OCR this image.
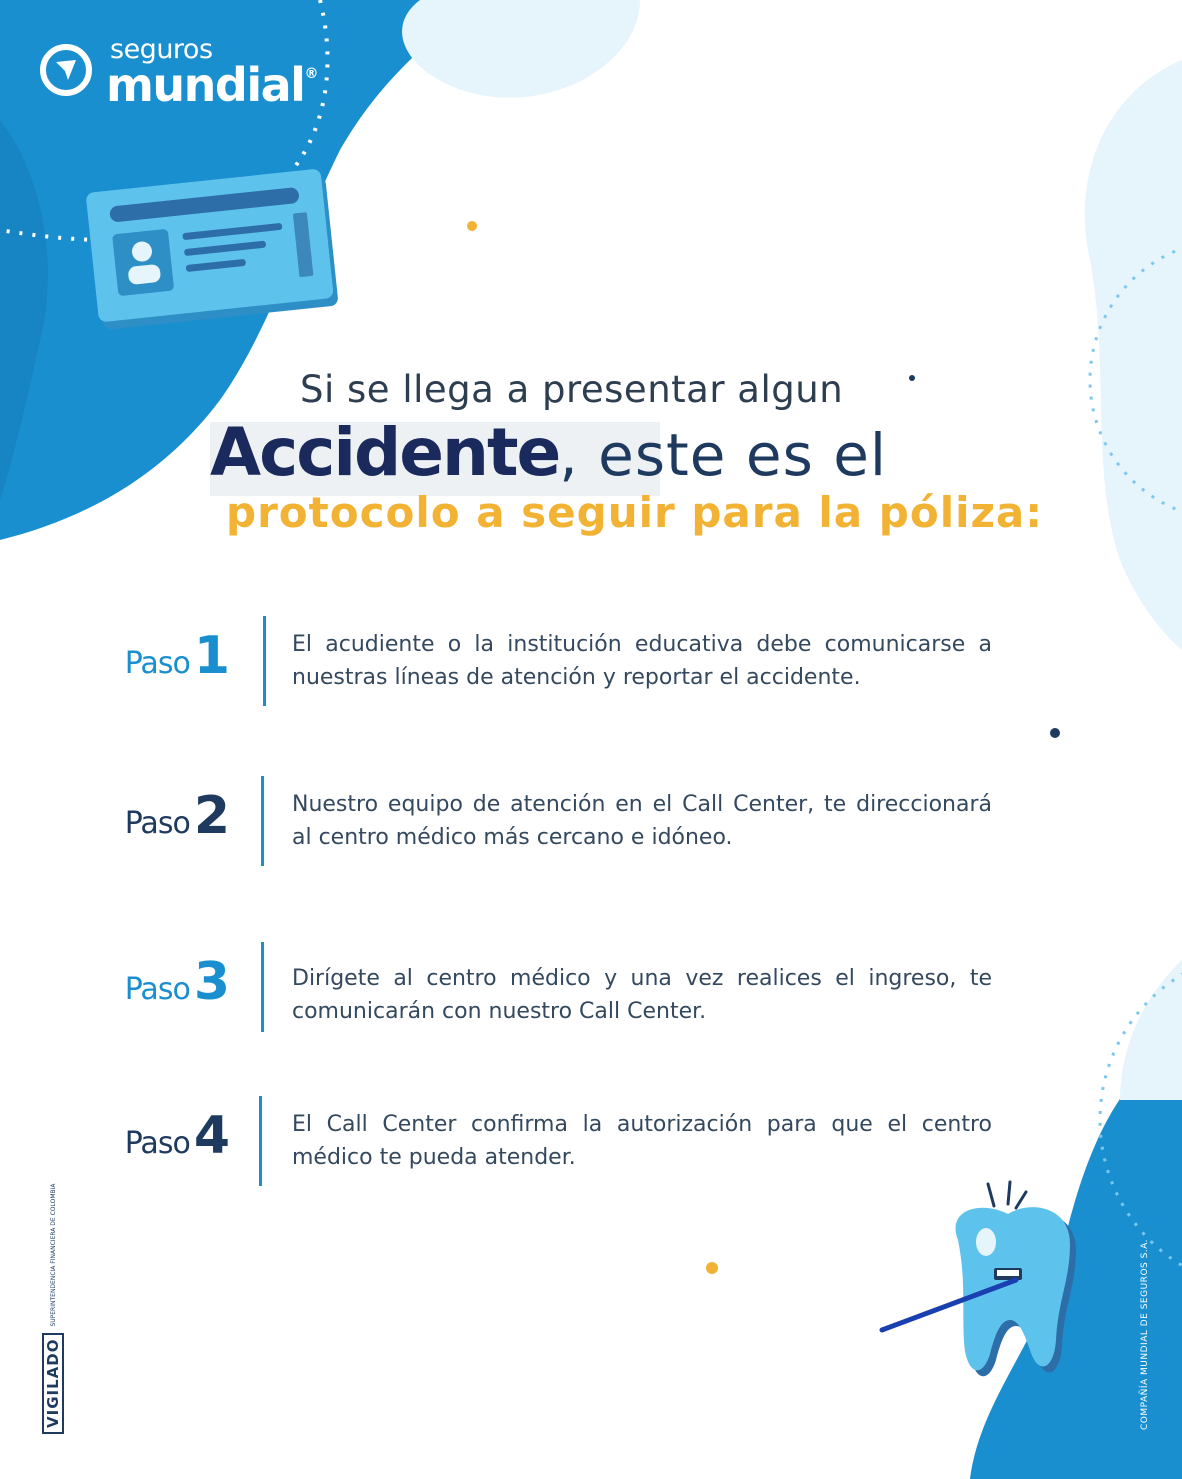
seguros
mundial®
Si se llega a presentar algun
Accidente, este es el
protocolo a seguir para la póliza:
Paso1	El acudiente o la institución educativa debe comunicarse a nuestras líneas de atención y reportar el accidente.
Paso2	Nuestro equipo de atención en el Call Center, te direccionará al centro médico más cercano e idóneo.
Paso3	Dirígete al centro médico y una vez realices el ingreso, te comunicarán con nuestro Call Center.
Paso4	El Call Center confirma la autorización para que el centro médico te pueda atender.
VIGILADOSUPERINTENDENCIA FINANCIERA DE COLOMBIA	COMPAÑÍA MUNDIAL DE SEGUROS S.A.
